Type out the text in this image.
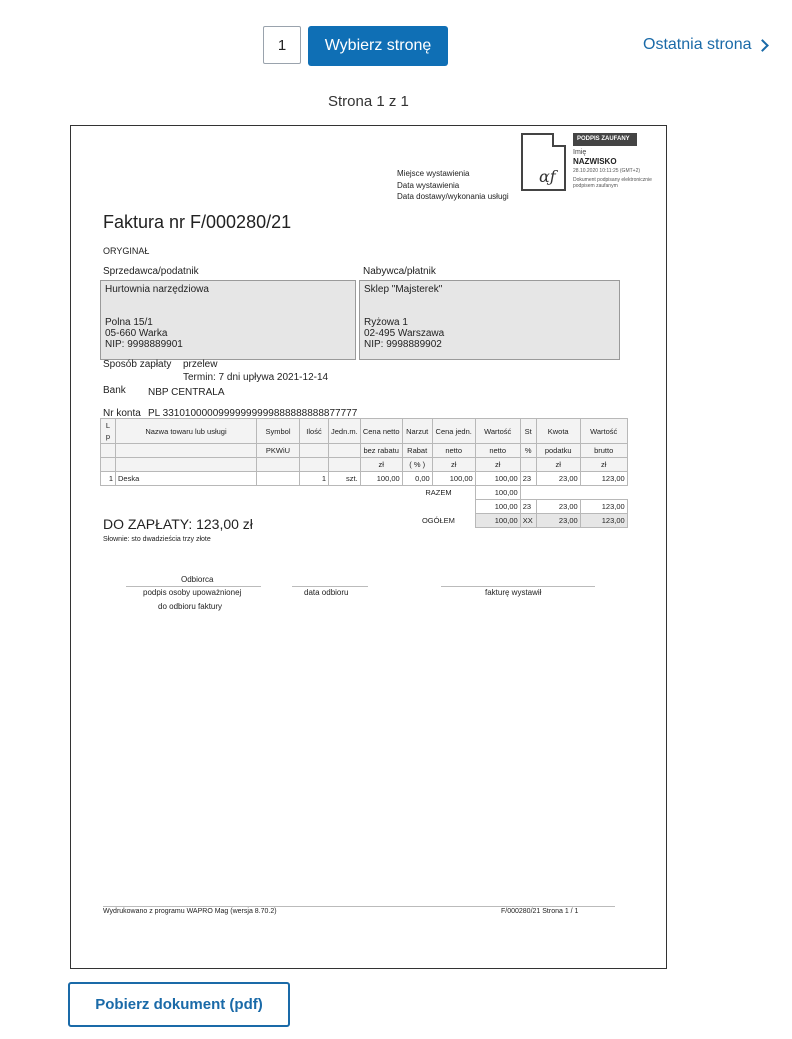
1
Wybierz stronę	Ostatnia strona
Strona 1 z 1
Miejsce wystawienia
Data wystawienia
Data dostawy/wykonania usługi
ɑƒ
PODPIS ZAUFANY
Imię
NAZWISKO
28.10.2020 10:11:25 (GMT+2)
Dokument podpisany elektronicznie
podpisem zaufanym
Faktura nr F/000280/21
ORYGINAŁ
Sprzedawca/podatnik	Nabywca/płatnik
Hurtownia narzędziowa
Polna 15/1
05-660 Warka
NIP: 9998889901
Sklep "Majsterek"
Ryżowa 1
02-495 Warszawa
NIP: 9998889902
Sposób zapłaty przelew
Termin: 7 dni upływa 2021-12-14
Bank NBP CENTRALA
Nr konta PL 33101000009999999999888888888877777
L p	Nazwa towaru lub usługi	Symbol	Ilość	Jedn.m.	Cena netto	Narzut	Cena jedn.	Wartość	St	Kwota	Wartość
		PKWiU			bez rabatu	Rabat	netto	netto	%	podatku	brutto
					zł	( % )	zł	zł		zł	zł
1	Deska		1	szt.	100,00	0,00	100,00	100,00	23	23,00	123,00
						RAZEM		100,00			
								100,00	23	23,00	123,00
						OGÓŁEM		100,00	XX	23,00	123,00
DO ZAPŁATY: 123,00 zł
Słownie: sto dwadzieścia trzy złote
Odbiorca
podpis osoby upoważnionej
do odbioru faktury
data odbioru	fakturę wystawił
Wydrukowano z programu WAPRO Mag (wersja 8.70.2)	F/000280/21 Strona 1 / 1
Pobierz dokument (pdf)
